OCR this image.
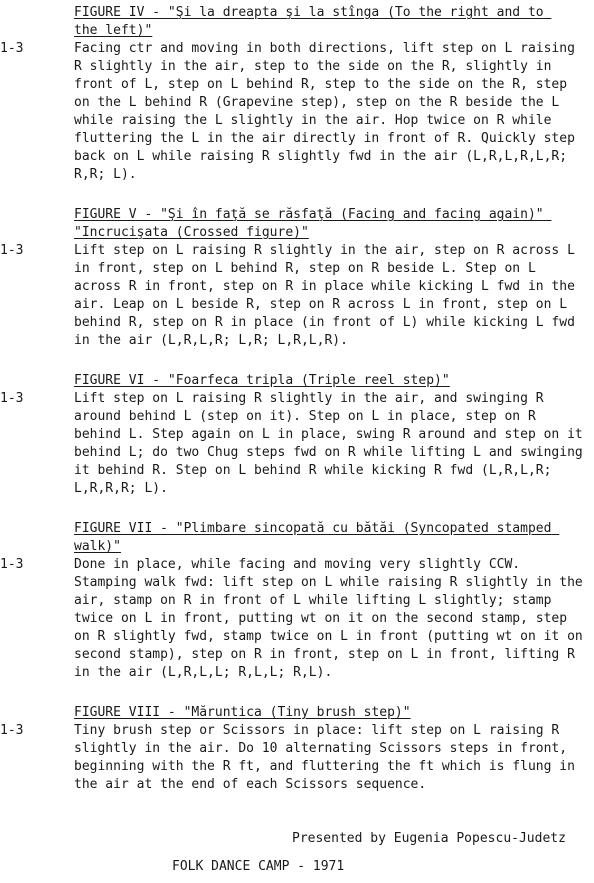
FIGURE IV - "Şi la dreapta şi la stînga (To the right and to the left)"
1-3	Facing ctr and moving in both directions, lift step on L raising R slightly in the air, step to the side on the R, slightly in front of L, step on L behind R, step to the side on the R, step on the L behind R (Grapevine step), step on the R beside the L while raising the L slightly in the air. Hop twice on R while fluttering the L in the air directly in front of R. Quickly step back on L while raising R slightly fwd in the air (L,R,L,R,L,R; R,R; L).
FIGURE V - "Şi în faţă se răsfaţă (Facing and facing again)" "Incrucişata (Crossed figure)"
1-3	Lift step on L raising R slightly in the air, step on R across L in front, step on L behind R, step on R beside L. Step on L across R in front, step on R in place while kicking L fwd in the air. Leap on L beside R, step on R across L in front, step on L behind R, step on R in place (in front of L) while kicking L fwd in the air (L,R,L,R; L,R; L,R,L,R).
FIGURE VI - "Foarfeca tripla (Triple reel step)"
1-3	Lift step on L raising R slightly in the air, and swinging R around behind L (step on it). Step on L in place, step on R behind L. Step again on L in place, swing R around and step on it behind L; do two Chug steps fwd on R while lifting L and swinging it behind R. Step on L behind R while kicking R fwd (L,R,L,R; L,R,R,R; L).
FIGURE VII - "Plimbare sincopată cu bătăi (Syncopated stamped walk)"
1-3	Done in place, while facing and moving very slightly CCW. Stamping walk fwd: lift step on L while raising R slightly in the air, stamp on R in front of L while lifting L slightly; stamp twice on L in front, putting wt on it on the second stamp, step on R slightly fwd, stamp twice on L in front (putting wt on it on second stamp), step on R in front, step on L in front, lifting R in the air (L,R,L,L; R,L,L; R,L).
FIGURE VIII - "Măruntica (Tiny brush step)"
1-3	Tiny brush step or Scissors in place: lift step on L raising R slightly in the air. Do 10 alternating Scissors steps in front, beginning with the R ft, and fluttering the ft which is flung in the air at the end of each Scissors sequence.
Presented by Eugenia Popescu-Judetz
FOLK DANCE CAMP - 1971
